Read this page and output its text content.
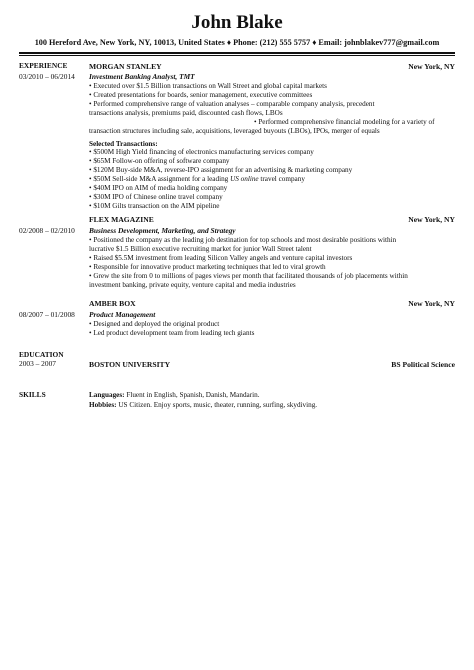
John Blake
100 Hereford Ave, New York, NY, 10013, United States ♦ Phone: (212) 555 5757 ♦ Email: johnblakev777@gmail.com
EXPERIENCE
03/2010 – 06/2014
MORGAN STANLEY	New York, NY
Investment Banking Analyst, TMT
• Executed over $1.5 Billion transactions on Wall Street and global capital markets
• Created presentations for boards, senior management, executive committees
• Performed comprehensive range of valuation analyses – comparable company analysis, precedent
transactions analysis, premiums paid, discounted cash flows, LBOs
• Performed comprehensive financial modeling for a variety of
transaction structures including sale, acquisitions, leveraged buyouts (LBOs), IPOs, merger of equals
Selected Transactions:
• $500M High Yield financing of electronics manufacturing services company
• $65M Follow-on offering of software company
• $120M Buy-side M&A, reverse-IPO assignment for an advertising & marketing company
• $50M Sell-side M&A assignment for a leading US online travel company
• $40M IPO on AIM of media holding company
• $30M IPO of Chinese online travel company
• $10M Gilts transaction on the AIM pipeline
02/2008 – 02/2010
FLEX MAGAZINE	New York, NY
Business Development, Marketing, and Strategy
• Positioned the company as the leading job destination for top schools and most desirable positions within
lucrative $1.5 Billion executive recruiting market for junior Wall Street talent
• Raised $5.5M investment from leading Silicon Valley angels and venture capital investors
• Responsible for innovative product marketing techniques that led to viral growth
• Grew the site from 0 to millions of pages views per month that facilitated thousands of job placements within
investment banking, private equity, venture capital and media industries
08/2007 – 01/2008
AMBER BOX	New York, NY
Product Management
• Designed and deployed the original product
• Led product development team from leading tech giants
EDUCATION
2003 – 2007	BOSTON UNIVERSITY	BS Political Science
SKILLS	Languages: Fluent in English, Spanish, Danish, Mandarin.
Hobbies: US Citizen. Enjoy sports, music, theater, running, surfing, skydiving.
